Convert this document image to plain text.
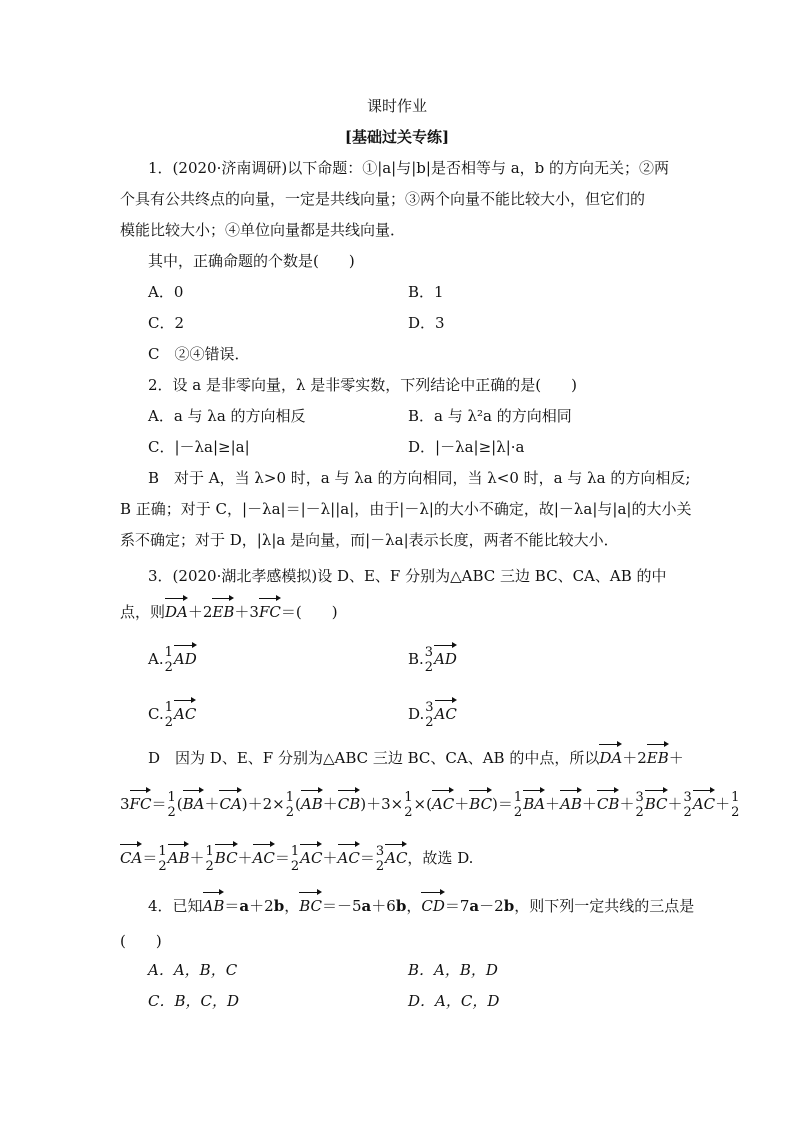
课时作业
[基础过关专练]
1．(2020·济南调研)以下命题：①|a|与|b|是否相等与 a，b 的方向无关；②两
个具有公共终点的向量，一定是共线向量；③两个向量不能比较大小，但它们的
模能比较大小；④单位向量都是共线向量．
其中，正确命题的个数是(　　)
A．0	B．1
C．2	D．3
C　②④错误．
2．设 a 是非零向量，λ 是非零实数，下列结论中正确的是(　　)
A．a 与 λa 的方向相反	B．a 与 λ²a 的方向相同
C．|－λa|≥|a|	D．|－λa|≥|λ|·a
B　对于 A，当 λ>0 时，a 与 λa 的方向相同，当 λ<0 时，a 与 λa 的方向相反;
B 正确；对于 C，|－λa|＝|－λ||a|，由于|－λ|的大小不确定，故|－λa|与|a|的大小关
系不确定；对于 D，|λ|a 是向量，而|－λa|表示长度，两者不能比较大小．
3．(2020·湖北孝感模拟)设 D、E、F 分别为△ABC 三边 BC、CA、AB 的中
点，则DA＋2EB＋3FC＝(　　)
A. 1
2 AD	B. 3
2 AD
C. 1
2 AC	D. 3
2 AC
D　因为 D、E、F 分别为△ABC 三边 BC、CA、AB 的中点，所以DA＋2EB＋
3FC＝ 1
2 (BA＋CA)＋2× 1
2 (AB＋CB)＋3× 1
2 ×(AC＋BC)＝ 1
2 BA＋AB＋CB＋ 3
2 BC＋ 3
2 AC＋ 1
2
CA＝ 1
2 AB＋ 1
2 BC＋AC＝ 1
2 AC＋AC＝ 3
2 AC，故选 D.
4．已知AB＝a＋2b，BC＝－5a＋6b，CD＝7a－2b，则下列一定共线的三点是
(　　)
A．A，B，C	B．A，B，D
C．B，C，D	D．A，C，D
